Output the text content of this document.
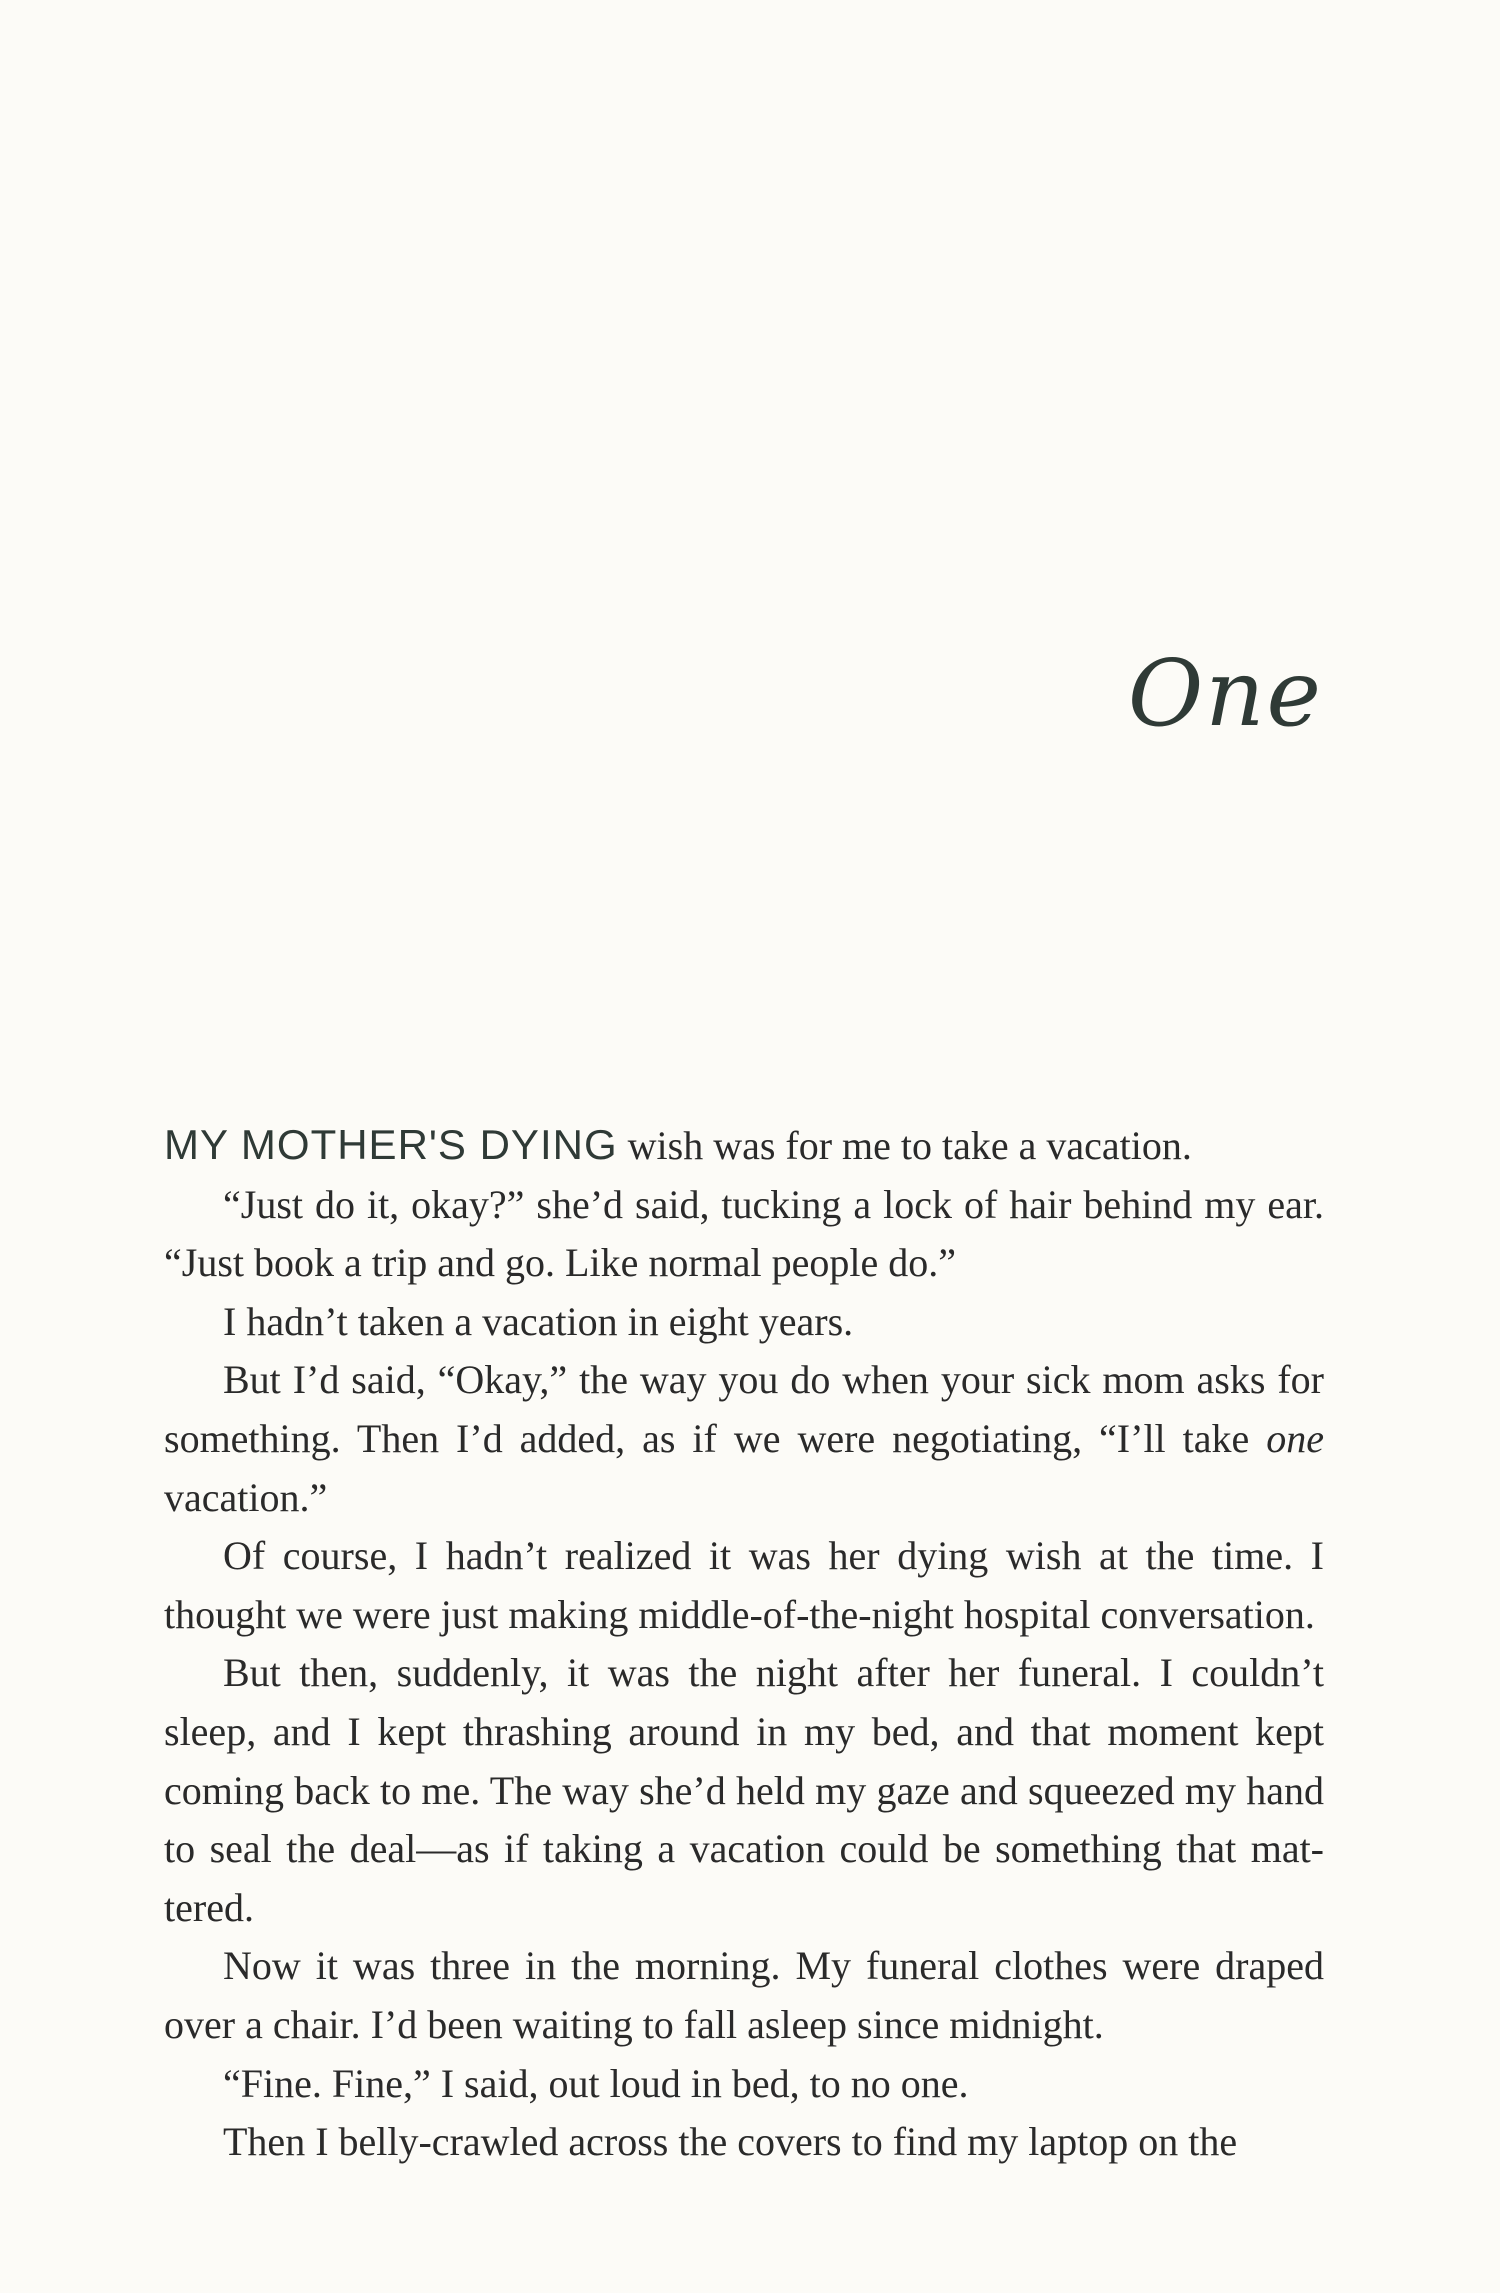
One

MY MOTHER'S DYING wish was for me to take a vacation.

“Just do it, okay?” she’d said, tucking a lock of hair behind my ear. “Just book a trip and go. Like normal people do.”

I hadn’t taken a vacation in eight years.

But I’d said, “Okay,” the way you do when your sick mom asks for something. Then I’d added, as if we were negotiating, “I’ll take one vacation.”

Of course, I hadn’t realized it was her dying wish at the time. I thought we were just making middle-of-the-night hospital conversation.

But then, suddenly, it was the night after her funeral. I couldn’t sleep, and I kept thrashing around in my bed, and that moment kept coming back to me. The way she’d held my gaze and squeezed my hand to seal the deal—as if taking a vacation could be something that mat-tered.

Now it was three in the morning. My funeral clothes were draped over a chair. I’d been waiting to fall asleep since midnight.

“Fine. Fine,” I said, out loud in bed, to no one.

Then I belly-crawled across the covers to find my laptop on the
